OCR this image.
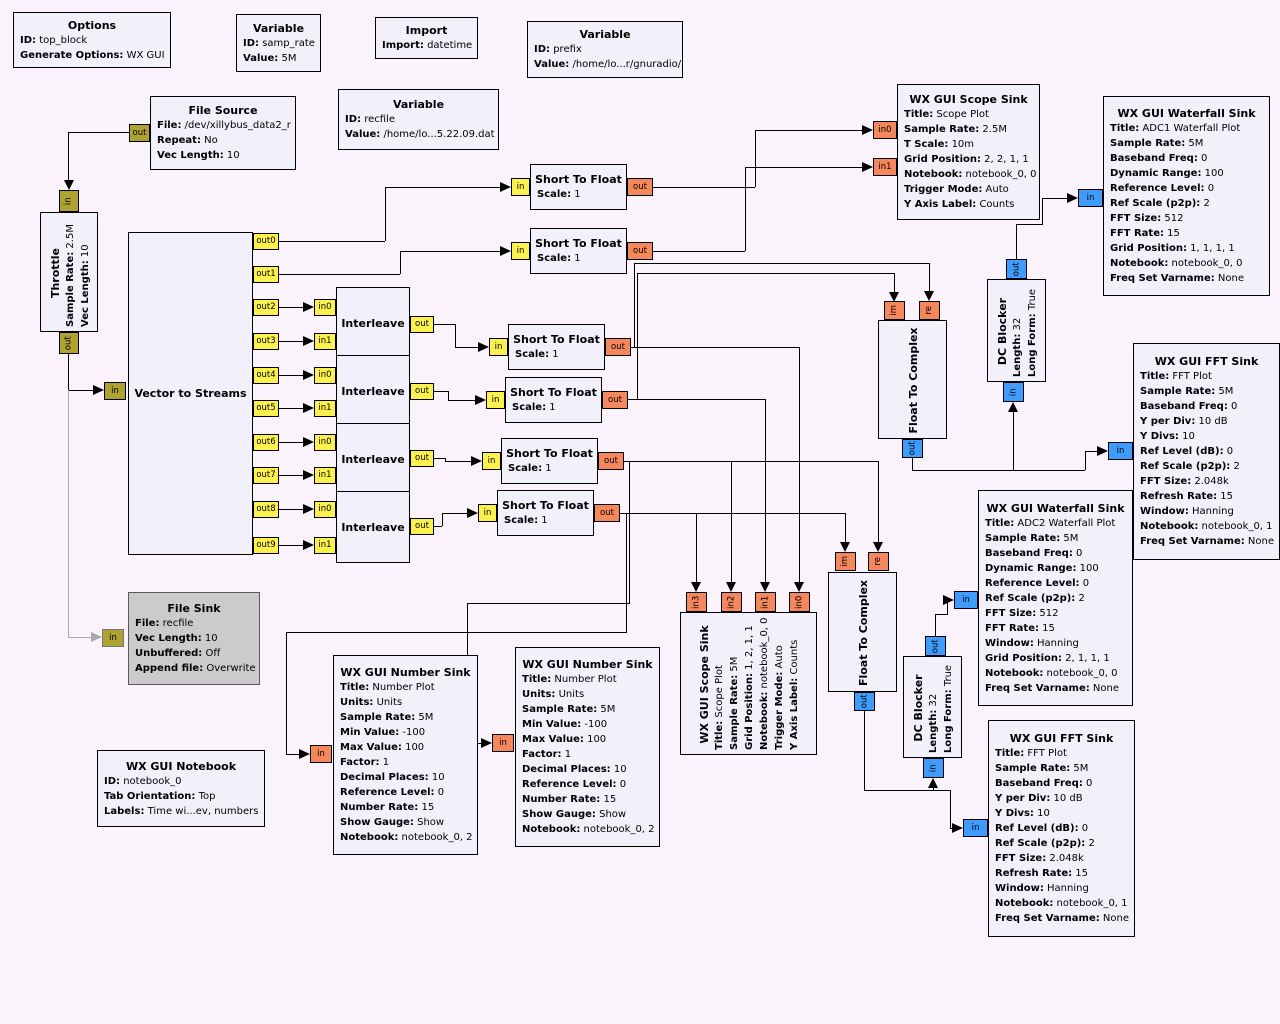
Options
ID: top_block
Generate Options: WX GUI
Variable
ID: samp_rate
Value: 5M
Import
Import: datetime
Variable
ID: prefix
Value: /home/lo...r/gnuradio/
File Source
File: /dev/xillybus_data2_r
Repeat: No
Vec Length: 10
out
Variable
ID: recfile
Value: /home/lo...5.22.09.dat
Throttle Sample Rate: 2.5M
Vec Length: 10
in
out
Vector to Streams
in
out0
out1
out2
out3
out4
out5
out6
out7
out8
out9
Interleave
in0
in1
out
Interleave
in0
in1
out
Interleave
in0
in1
out
Interleave
in0
in1
out
Short To Float
Scale: 1
in	out
Short To Float
Scale: 1
in	out
Short To Float
Scale: 1
in	out
Short To Float
Scale: 1
in	out
Short To Float
Scale: 1
in	out
Short To Float
Scale: 1
in	out
WX GUI Scope Sink
Title: Scope Plot
Sample Rate: 2.5M
T Scale: 10m
Grid Position: 2, 2, 1, 1
Notebook: notebook_0, 0
Trigger Mode: Auto
Y Axis Label: Counts
in0
in1
WX GUI Waterfall Sink
Title: ADC1 Waterfall Plot
Sample Rate: 5M
Baseband Freq: 0
Dynamic Range: 100
Reference Level: 0
Ref Scale (p2p): 2
FFT Size: 512
FFT Rate: 15
Grid Position: 1, 1, 1, 1
Notebook: notebook_0, 0
Freq Set Varname: None
in
Float To Complex
im	re
out
DC Blocker Length: 32 Long Form: True
out
in
WX GUI FFT Sink
Title: FFT Plot
Sample Rate: 5M
Baseband Freq: 0
Y per Div: 10 dB
Y Divs: 10
Ref Level (dB): 0
Ref Scale (p2p): 2
FFT Size: 2.048k
Refresh Rate: 15
Window: Hanning
Notebook: notebook_0, 1
Freq Set Varname: None
in
WX GUI Scope Sink Title: Scope Plot Sample Rate: 5M
Grid Position: 1, 2, 1, 1
Notebook: notebook_0, 0
Trigger Mode: Auto
Y Axis Label: Counts
in3	in2	in1	in0	Float To Complex
im	re
out	DC Blocker Length: 32 Long Form: True
out
in
WX GUI Waterfall Sink
Title: ADC2 Waterfall Plot
Sample Rate: 5M
Baseband Freq: 0
Dynamic Range: 100
Reference Level: 0
Ref Scale (p2p): 2
FFT Size: 512
FFT Rate: 15
Window: Hanning
Grid Position: 2, 1, 1, 1
Notebook: notebook_0, 0
Freq Set Varname: None
in
WX GUI FFT Sink
Title: FFT Plot
Sample Rate: 5M
Baseband Freq: 0
Y per Div: 10 dB
Y Divs: 10
Ref Level (dB): 0
Ref Scale (p2p): 2
FFT Size: 2.048k
Refresh Rate: 15
Window: Hanning
Notebook: notebook_0, 1
Freq Set Varname: None
in
File Sink
File: recfile
Vec Length: 10
Unbuffered: Off
Append file: Overwrite
in
WX GUI Notebook
ID: notebook_0
Tab Orientation: Top
Labels: Time wi...ev, numbers
WX GUI Number Sink
Title: Number Plot
Units: Units
Sample Rate: 5M
Min Value: -100
Max Value: 100
Factor: 1
Decimal Places: 10
Reference Level: 0
Number Rate: 15
Show Gauge: Show
Notebook: notebook_0, 2
in
WX GUI Number Sink
Title: Number Plot
Units: Units
Sample Rate: 5M
Min Value: -100
Max Value: 100
Factor: 1
Decimal Places: 10
Reference Level: 0
Number Rate: 15
Show Gauge: Show
Notebook: notebook_0, 2
in
